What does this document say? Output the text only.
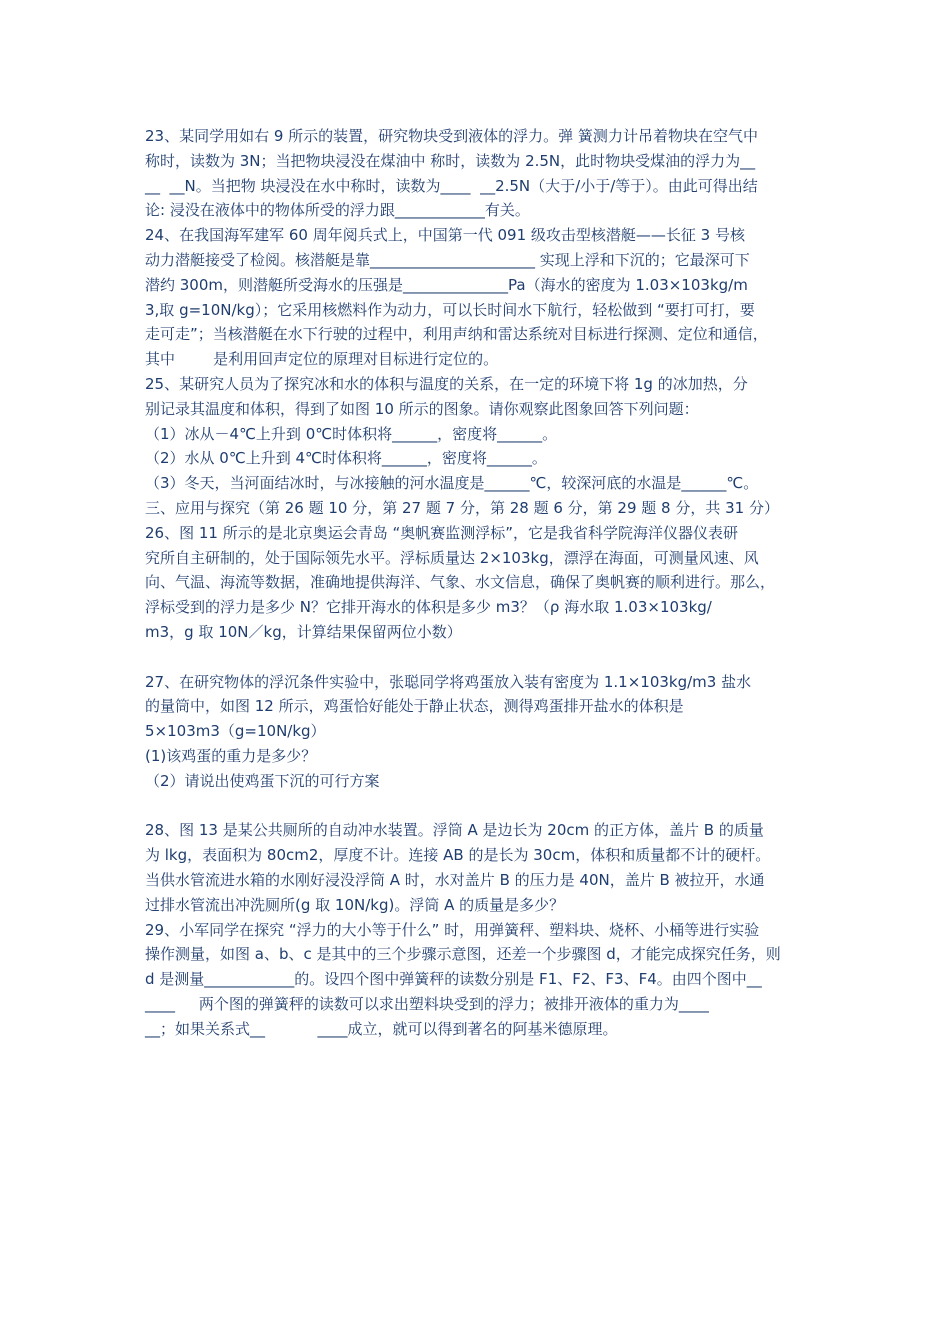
23、某同学用如右 9 所示的装置，研究物块受到液体的浮力。弹 簧测力计吊着物块在空气中
称时，读数为 3N；当把物块浸没在煤油中 称时，读数为 2.5N，此时物块受煤油的浮力为__
__  __N。当把物 块浸没在水中称时，读数为____  __2.5N（大于/小于/等于）。由此可得出结
论: 浸没在液体中的物体所受的浮力跟____________有关。
24、在我国海军建军 60 周年阅兵式上，中国第一代 091 级攻击型核潜艇——长征 3 号核
动力潜艇接受了检阅。核潜艇是靠______________________ 实现上浮和下沉的；它最深可下
潜约 300m，则潜艇所受海水的压强是______________Pa（海水的密度为 1.03×103kg/m
3,取 g=10N/kg）；它采用核燃料作为动力，可以长时间水下航行，轻松做到 “要打可打，要
走可走”；当核潜艇在水下行驶的过程中，利用声纳和雷达系统对目标进行探测、定位和通信，
其中        是利用回声定位的原理对目标进行定位的。
25、某研究人员为了探究冰和水的体积与温度的关系，在一定的环境下将 1g 的冰加热，分
别记录其温度和体积，得到了如图 10 所示的图象。请你观察此图象回答下列问题：
（1）冰从－4℃上升到 0℃时体积将______，密度将______。
（2）水从 0℃上升到 4℃时体积将______，密度将______。
（3）冬天，当河面结冰时，与冰接触的河水温度是______℃，较深河底的水温是______℃。
三、应用与探究（第 26 题 10 分，第 27 题 7 分，第 28 题 6 分，第 29 题 8 分，共 31 分）
26、图 11 所示的是北京奥运会青岛 “奥帆赛监测浮标”，它是我省科学院海洋仪器仪表研
究所自主研制的，处于国际领先水平。浮标质量达 2×103kg，漂浮在海面，可测量风速、风
向、气温、海流等数据，准确地提供海洋、气象、水文信息，确保了奥帆赛的顺利进行。那么，
浮标受到的浮力是多少 N？它排开海水的体积是多少 m3？（ρ 海水取 1.03×103kg/
m3，g 取 10N／kg，计算结果保留两位小数）
27、在研究物体的浮沉条件实验中，张聪同学将鸡蛋放入装有密度为 1.1×103kg/m3 盐水
的量筒中，如图 12 所示，鸡蛋恰好能处于静止状态，测得鸡蛋排开盐水的体积是
5×103m3（g=10N/kg）
(1)该鸡蛋的重力是多少？
（2）请说出使鸡蛋下沉的可行方案
28、图 13 是某公共厕所的自动冲水装置。浮筒 A 是边长为 20cm 的正方体，盖片 B 的质量
为 lkg，表面积为 80cm2，厚度不计。连接 AB 的是长为 30cm，体积和质量都不计的硬杆。
当供水管流进水箱的水刚好浸没浮筒 A 时，水对盖片 B 的压力是 40N，盖片 B 被拉开，水通
过排水管流出冲洗厕所(g 取 10N/kg)。浮筒 A 的质量是多少？
29、小军同学在探究 “浮力的大小等于什么” 时，用弹簧秤、塑料块、烧杯、小桶等进行实验
操作测量，如图 a、b、c 是其中的三个步骤示意图，还差一个步骤图 d，才能完成探究任务，则
d 是测量____________的。设四个图中弹簧秤的读数分别是 F1、F2、F3、F4。由四个图中__
____     两个图的弹簧秤的读数可以求出塑料块受到的浮力；被排开液体的重力为____
__；如果关系式__           ____成立，就可以得到著名的阿基米德原理。
